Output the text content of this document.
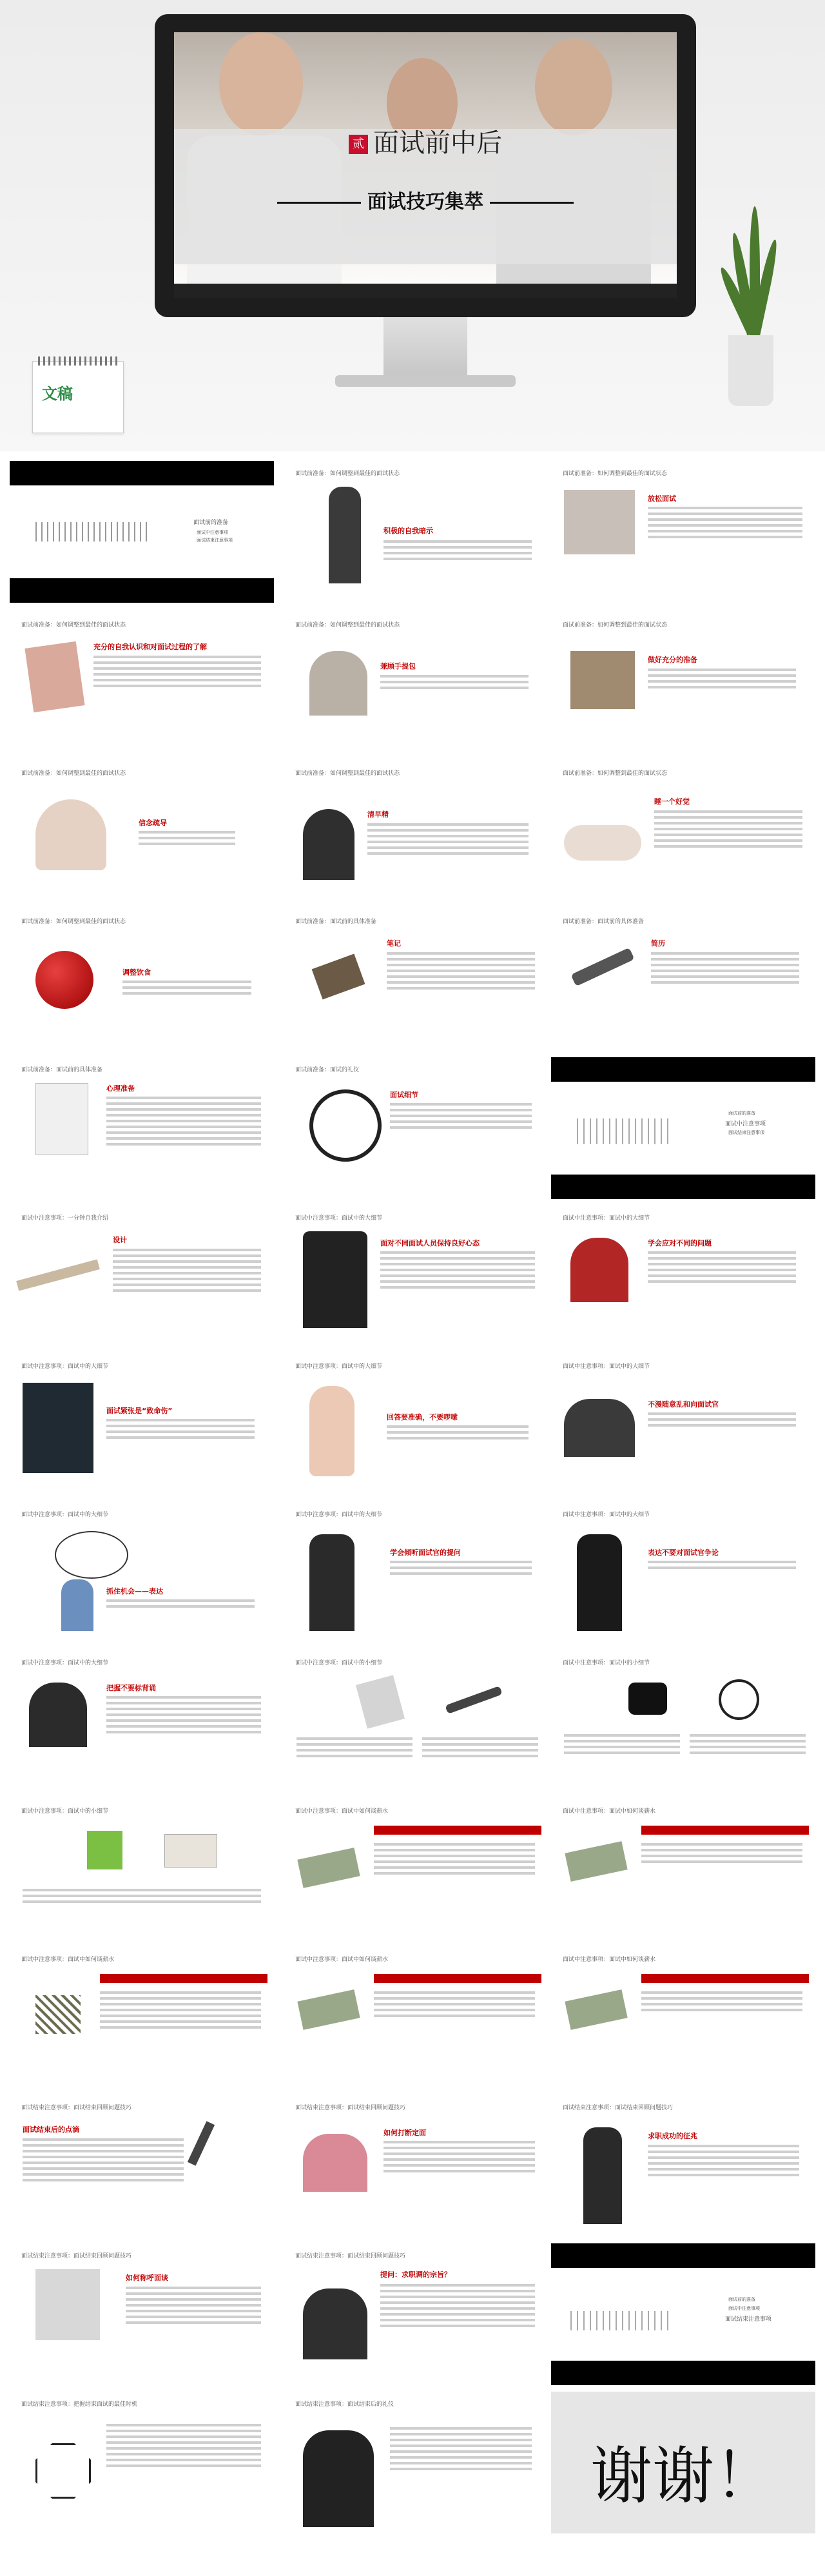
贰 面试前中后
面试技巧集萃
文稿
面试前的准备
面试中注意事项
面试结束注意事项
面试前准备：如何调整到最佳的面试状态
积极的自我暗示
面试前准备：如何调整到最佳的面试状态
放松面试
面试前准备：如何调整到最佳的面试状态
充分的自我认识和对面试过程的了解
面试前准备：如何调整到最佳的面试状态
兼顾手提包
面试前准备：如何调整到最佳的面试状态
做好充分的准备
面试前准备：如何调整到最佳的面试状态
信念疏导
面试前准备：如何调整到最佳的面试状态
清早精
面试前准备：如何调整到最佳的面试状态
睡一个好觉
面试前准备：如何调整到最佳的面试状态
调整饮食
面试前准备：面试前的具体准备
笔记
面试前准备：面试前的具体准备
简历
面试前准备：面试前的具体准备
心理准备
面试前准备：面试的礼仪
面试细节
面试前的准备
面试中注意事项
面试结束注意事项
面试中注意事项：一分钟自我介绍
设计
面试中注意事项：面试中的大细节
面对不同面试人员保持良好心态
面试中注意事项：面试中的大细节
学会应对不同的问题
面试中注意事项：面试中的大细节
面试紧张是“致命伤”
面试中注意事项：面试中的大细节
回答要准确，不要啰嗦
面试中注意事项：面试中的大细节
不漫随意乱和向面试官
面试中注意事项：面试中的大细节
抓住机会——表达
面试中注意事项：面试中的大细节
学会倾听面试官的提问
面试中注意事项：面试中的大细节
表达不要对面试官争论
面试中注意事项：面试中的大细节
把握不要标背诵
面试中注意事项：面试中的小细节	面试中注意事项：面试中的小细节
面试中注意事项：面试中的小细节	面试中注意事项：面试中如何谈薪水	面试中注意事项：面试中如何谈薪水
面试中注意事项：面试中如何谈薪水	面试中注意事项：面试中如何谈薪水	面试中注意事项：面试中如何谈薪水
面试结束注意事项：面试结束回顾问题技巧
面试结束后的点滴
面试结束注意事项：面试结束回顾问题技巧
如何打断定面
面试结束注意事项：面试结束回顾问题技巧
求职成功的征兆
面试结束注意事项：面试结束回顾问题技巧
如何称呼面谈
面试结束注意事项：面试结束回顾问题技巧
提问：求职调的宗旨？
面试前的准备
面试中注意事项
面试结束注意事项
面试结束注意事项：把握结束面试的最佳时机	面试结束注意事项：面试结束后的礼仪
谢谢！
